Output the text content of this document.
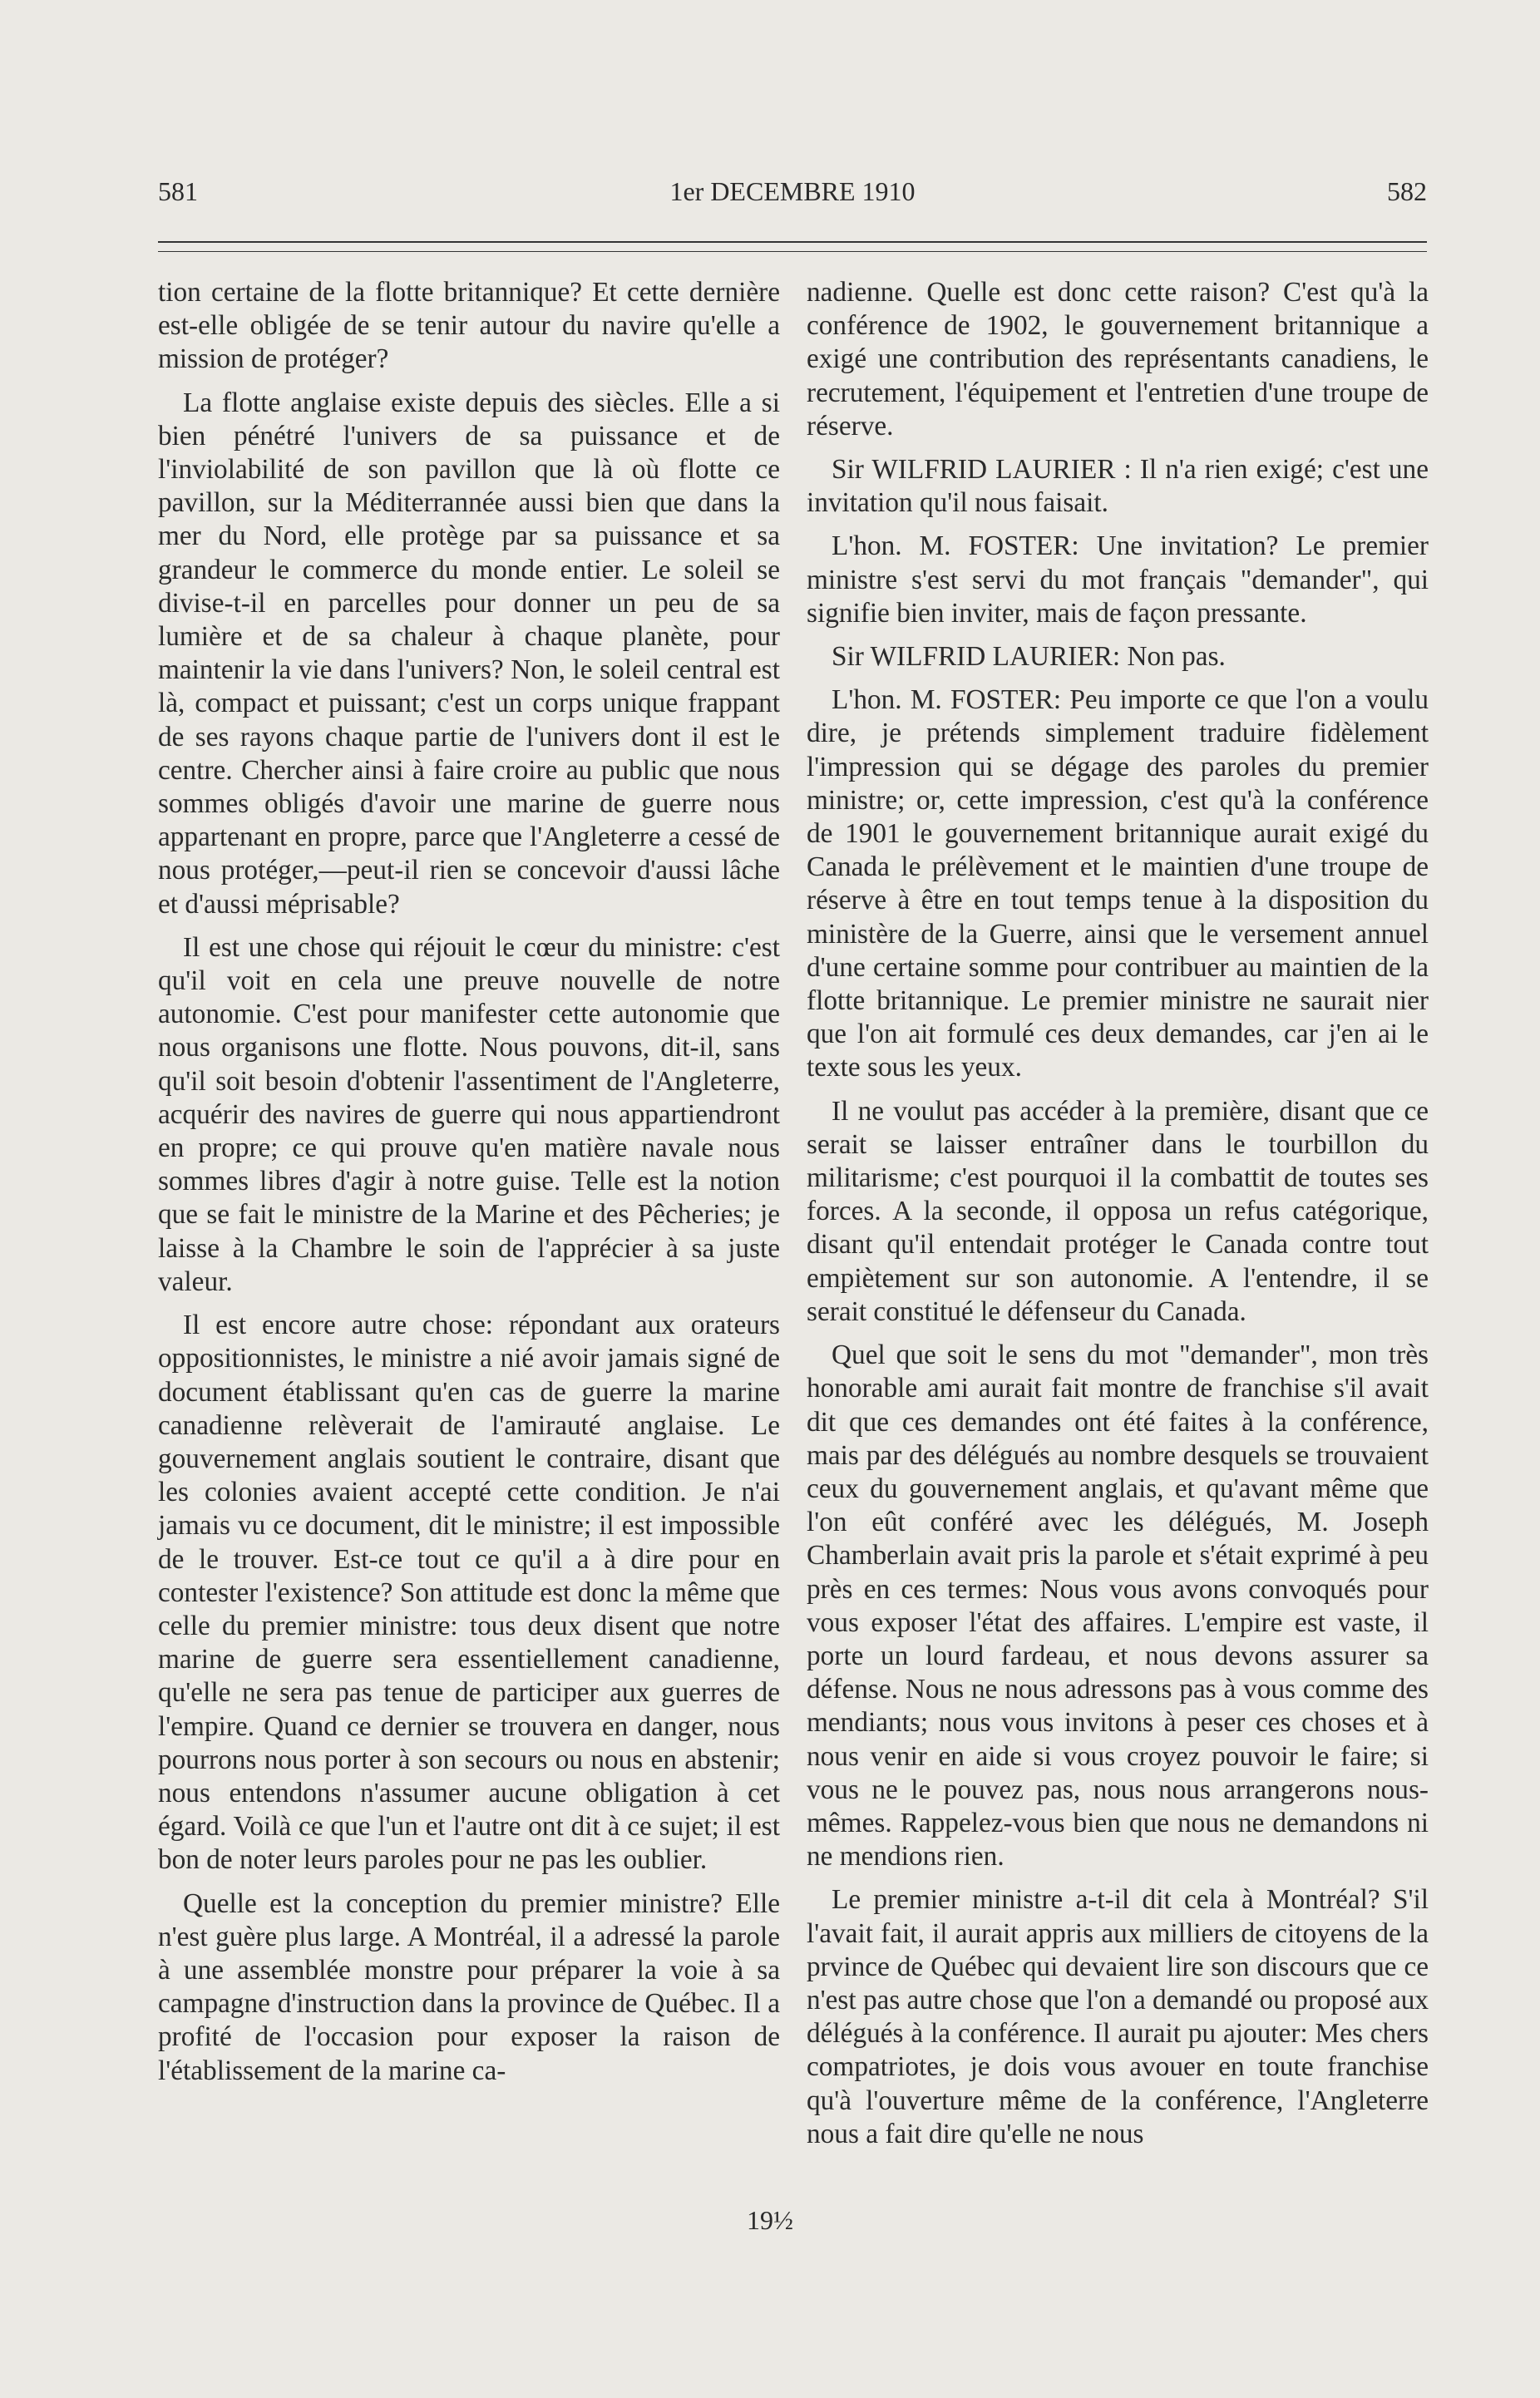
581	1er DECEMBRE 1910	582

tion certaine de la flotte britannique? Et cette dernière est-elle obligée de se tenir autour du navire qu'elle a mission de protéger?

La flotte anglaise existe depuis des siècles. Elle a si bien pénétré l'univers de sa puissance et de l'inviolabilité de son pavillon que là où flotte ce pavillon, sur la Méditerrannée aussi bien que dans la mer du Nord, elle protège par sa puissance et sa grandeur le commerce du monde entier. Le soleil se divise-t-il en parcelles pour donner un peu de sa lumière et de sa chaleur à chaque planète, pour maintenir la vie dans l'univers? Non, le soleil central est là, compact et puissant; c'est un corps unique frappant de ses rayons chaque partie de l'univers dont il est le centre. Chercher ainsi à faire croire au public que nous sommes obligés d'avoir une marine de guerre nous appartenant en propre, parce que l'Angleterre a cessé de nous protéger,—peut-il rien se concevoir d'aussi lâche et d'aussi méprisable?

Il est une chose qui réjouit le cœur du ministre: c'est qu'il voit en cela une preuve nouvelle de notre autonomie. C'est pour manifester cette autonomie que nous organisons une flotte. Nous pouvons, dit-il, sans qu'il soit besoin d'obtenir l'assentiment de l'Angleterre, acquérir des navires de guerre qui nous appartiendront en propre; ce qui prouve qu'en matière navale nous sommes libres d'agir à notre guise. Telle est la notion que se fait le ministre de la Marine et des Pêcheries; je laisse à la Chambre le soin de l'apprécier à sa juste valeur.

Il est encore autre chose: répondant aux orateurs oppositionnistes, le ministre a nié avoir jamais signé de document établissant qu'en cas de guerre la marine canadienne relèverait de l'amirauté anglaise. Le gouvernement anglais soutient le contraire, disant que les colonies avaient accepté cette condition. Je n'ai jamais vu ce document, dit le ministre; il est impossible de le trouver. Est-ce tout ce qu'il a à dire pour en contester l'existence? Son attitude est donc la même que celle du premier ministre: tous deux disent que notre marine de guerre sera essentiellement canadienne, qu'elle ne sera pas tenue de participer aux guerres de l'empire. Quand ce dernier se trouvera en danger, nous pourrons nous porter à son secours ou nous en abstenir; nous entendons n'assumer aucune obligation à cet égard. Voilà ce que l'un et l'autre ont dit à ce sujet; il est bon de noter leurs paroles pour ne pas les oublier.

Quelle est la conception du premier ministre? Elle n'est guère plus large. A Montréal, il a adressé la parole à une assemblée monstre pour préparer la voie à sa campagne d'instruction dans la province de Québec. Il a profité de l'occasion pour exposer la raison de l'établissement de la marine ca-

nadienne. Quelle est donc cette raison? C'est qu'à la conférence de 1902, le gouvernement britannique a exigé une contribution des représentants canadiens, le recrutement, l'équipement et l'entretien d'une troupe de réserve.

Sir WILFRID LAURIER : Il n'a rien exigé; c'est une invitation qu'il nous faisait.

L'hon. M. FOSTER: Une invitation? Le premier ministre s'est servi du mot français "demander", qui signifie bien inviter, mais de façon pressante.

Sir WILFRID LAURIER: Non pas.

L'hon. M. FOSTER: Peu importe ce que l'on a voulu dire, je prétends simplement traduire fidèlement l'impression qui se dégage des paroles du premier ministre; or, cette impression, c'est qu'à la conférence de 1901 le gouvernement britannique aurait exigé du Canada le prélèvement et le maintien d'une troupe de réserve à être en tout temps tenue à la disposition du ministère de la Guerre, ainsi que le versement annuel d'une certaine somme pour contribuer au maintien de la flotte britannique. Le premier ministre ne saurait nier que l'on ait formulé ces deux demandes, car j'en ai le texte sous les yeux.

Il ne voulut pas accéder à la première, disant que ce serait se laisser entraîner dans le tourbillon du militarisme; c'est pourquoi il la combattit de toutes ses forces. A la seconde, il opposa un refus catégorique, disant qu'il entendait protéger le Canada contre tout empiètement sur son autonomie. A l'entendre, il se serait constitué le défenseur du Canada.

Quel que soit le sens du mot "demander", mon très honorable ami aurait fait montre de franchise s'il avait dit que ces demandes ont été faites à la conférence, mais par des délégués au nombre desquels se trouvaient ceux du gouvernement anglais, et qu'avant même que l'on eût conféré avec les délégués, M. Joseph Chamberlain avait pris la parole et s'était exprimé à peu près en ces termes: Nous vous avons convoqués pour vous exposer l'état des affaires. L'empire est vaste, il porte un lourd fardeau, et nous devons assurer sa défense. Nous ne nous adressons pas à vous comme des mendiants; nous vous invitons à peser ces choses et à nous venir en aide si vous croyez pouvoir le faire; si vous ne le pouvez pas, nous nous arrangerons nous-mêmes. Rappelez-vous bien que nous ne demandons ni ne mendions rien.

Le premier ministre a-t-il dit cela à Montréal? S'il l'avait fait, il aurait appris aux milliers de citoyens de la prvince de Québec qui devaient lire son discours que ce n'est pas autre chose que l'on a demandé ou proposé aux délégués à la conférence. Il aurait pu ajouter: Mes chers compatriotes, je dois vous avouer en toute franchise qu'à l'ouverture même de la conférence, l'Angleterre nous a fait dire qu'elle ne nous

19½
